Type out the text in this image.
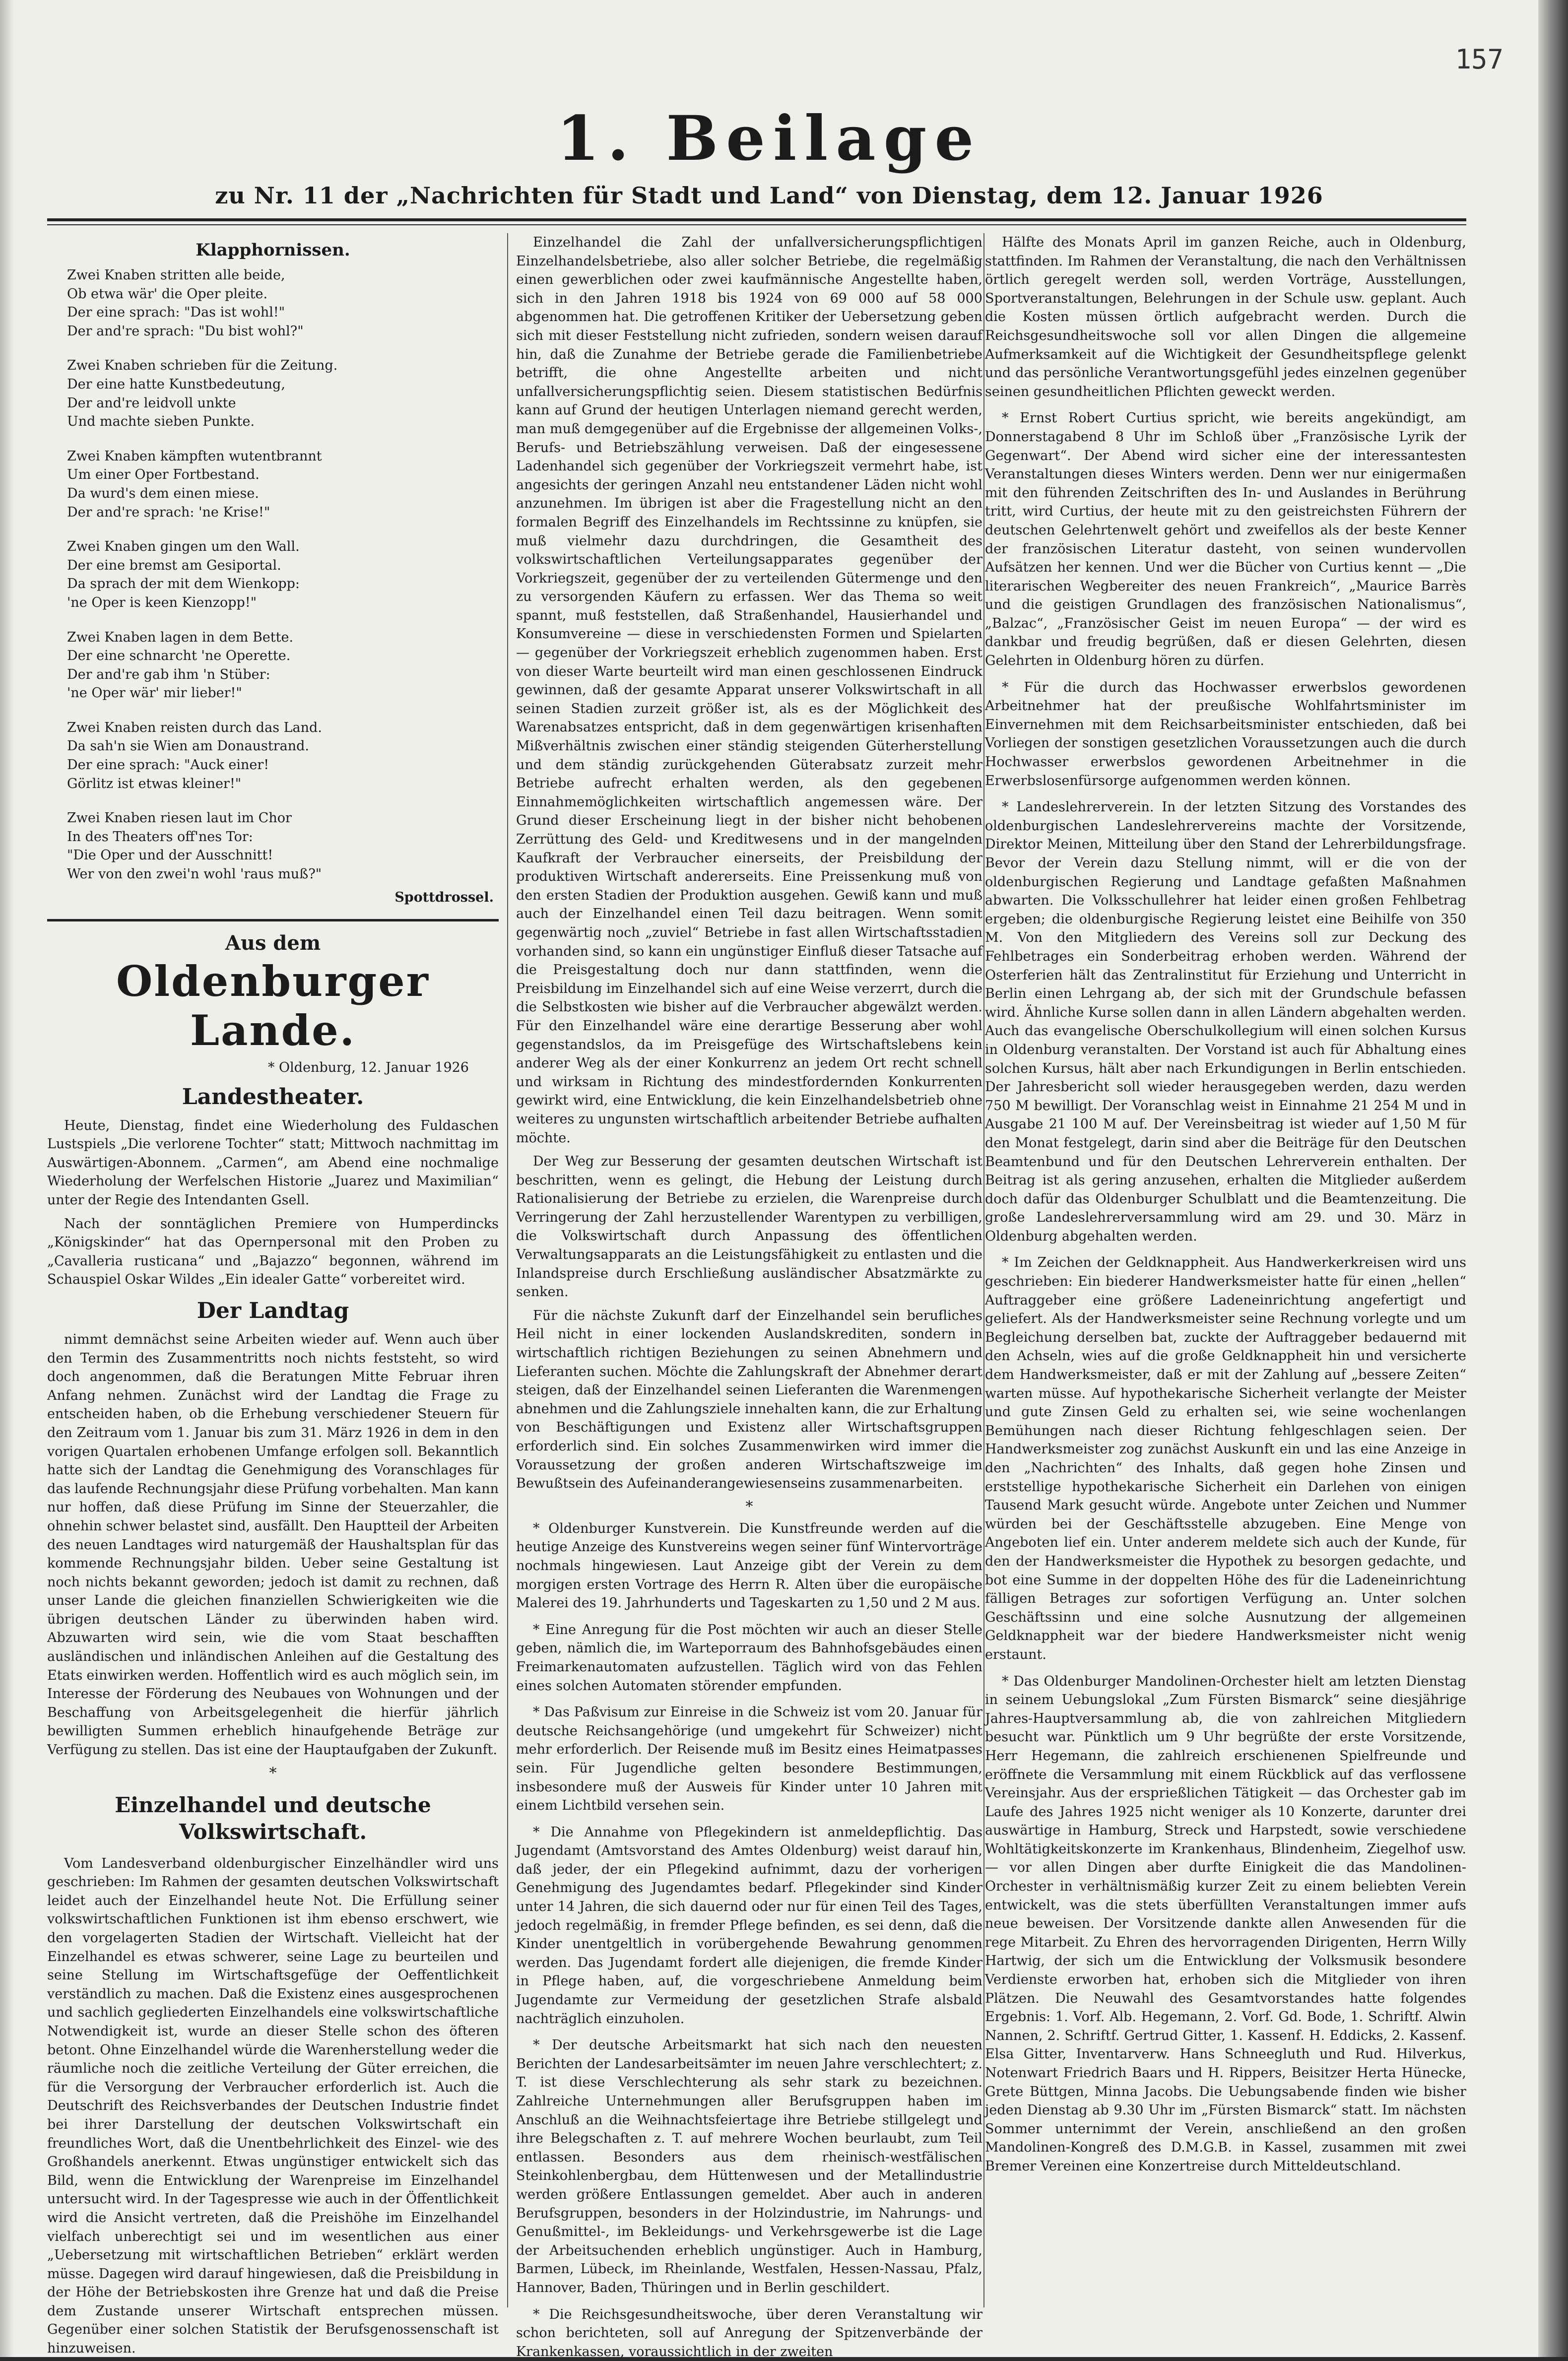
157
1. Beilage
zu Nr. 11 der „Nachrichten für Stadt und Land“ von Dienstag, dem 12. Januar 1926
Klapphornissen.
Zwei Knaben stritten alle beide,
Ob etwa wär' die Oper pleite.
Der eine sprach: "Das ist wohl!"
Der and're sprach: "Du bist wohl?"
Zwei Knaben schrieben für die Zeitung.
Der eine hatte Kunstbedeutung,
Der and're leidvoll unkte
Und machte sieben Punkte.
Zwei Knaben kämpften wutentbrannt
Um einer Oper Fortbestand.
Da wurd's dem einen miese.
Der and're sprach: 'ne Krise!"
Zwei Knaben gingen um den Wall.
Der eine bremst am Gesiportal.
Da sprach der mit dem Wienkopp:
'ne Oper is keen Kienzopp!"
Zwei Knaben lagen in dem Bette.
Der eine schnarcht 'ne Operette.
Der and're gab ihm 'n Stüber:
'ne Oper wär' mir lieber!"
Zwei Knaben reisten durch das Land.
Da sah'n sie Wien am Donaustrand.
Der eine sprach: "Auck einer!
Görlitz ist etwas kleiner!"
Zwei Knaben riesen laut im Chor
In des Theaters off'nes Tor:
"Die Oper und der Ausschnitt!
Wer von den zwei'n wohl 'raus muß?"
Spottdrossel.
Aus dem
Oldenburger Lande.
* Oldenburg, 12. Januar 1926
Landestheater.

Heute, Dienstag, findet eine Wiederholung des Fuldaschen Lustspiels „Die verlorene Tochter“ statt; Mittwoch nachmittag im Auswärtigen-Abonnem. „Carmen“, am Abend eine nochmalige Wiederholung der Werfelschen Historie „Juarez und Maximilian“ unter der Regie des Intendanten Gsell.

Nach der sonntäglichen Premiere von Humperdincks „Königskinder“ hat das Opernpersonal mit den Proben zu „Cavalleria rusticana“ und „Bajazzo“ begonnen, während im Schauspiel Oskar Wildes „Ein idealer Gatte“ vorbereitet wird.

Der Landtag

nimmt demnächst seine Arbeiten wieder auf. Wenn auch über den Termin des Zusammentritts noch nichts feststeht, so wird doch angenommen, daß die Beratungen Mitte Februar ihren Anfang nehmen. Zunächst wird der Landtag die Frage zu entscheiden haben, ob die Erhebung verschiedener Steuern für den Zeitraum vom 1. Januar bis zum 31. März 1926 in dem in den vorigen Quartalen erhobenen Umfange erfolgen soll. Bekanntlich hatte sich der Landtag die Genehmigung des Voranschlages für das laufende Rechnungsjahr diese Prüfung vorbehalten. Man kann nur hoffen, daß diese Prüfung im Sinne der Steuerzahler, die ohnehin schwer belastet sind, ausfällt. Den Hauptteil der Arbeiten des neuen Landtages wird naturgemäß der Haushaltsplan für das kommende Rechnungsjahr bilden. Ueber seine Gestaltung ist noch nichts bekannt geworden; jedoch ist damit zu rechnen, daß unser Lande die gleichen finanziellen Schwierigkeiten wie die übrigen deutschen Länder zu überwinden haben wird. Abzuwarten wird sein, wie die vom Staat beschafften ausländischen und inländischen Anleihen auf die Gestaltung des Etats einwirken werden. Hoffentlich wird es auch möglich sein, im Interesse der Förderung des Neubaues von Wohnungen und der Beschaffung von Arbeitsgelegenheit die hierfür jährlich bewilligten Summen erheblich hinaufgehende Beträge zur Verfügung zu stellen. Das ist eine der Hauptaufgaben der Zukunft.

*
Einzelhandel und deutsche Volkswirtschaft.

Vom Landesverband oldenburgischer Einzelhändler wird uns geschrieben: Im Rahmen der gesamten deutschen Volkswirtschaft leidet auch der Einzelhandel heute Not. Die Erfüllung seiner volkswirtschaftlichen Funktionen ist ihm ebenso erschwert, wie den vorgelagerten Stadien der Wirtschaft. Vielleicht hat der Einzelhandel es etwas schwerer, seine Lage zu beurteilen und seine Stellung im Wirtschaftsgefüge der Oeffentlichkeit verständlich zu machen. Daß die Existenz eines ausgesprochenen und sachlich gegliederten Einzelhandels eine volkswirtschaftliche Notwendigkeit ist, wurde an dieser Stelle schon des öfteren betont. Ohne Einzelhandel würde die Warenherstellung weder die räumliche noch die zeitliche Verteilung der Güter erreichen, die für die Versorgung der Verbraucher erforderlich ist. Auch die Deutschrift des Reichsverbandes der Deutschen Industrie findet bei ihrer Darstellung der deutschen Volkswirtschaft ein freundliches Wort, daß die Unentbehrlichkeit des Einzel- wie des Großhandels anerkennt. Etwas ungünstiger entwickelt sich das Bild, wenn die Entwicklung der Warenpreise im Einzelhandel untersucht wird. In der Tagespresse wie auch in der Öffentlichkeit wird die Ansicht vertreten, daß die Preishöhe im Einzelhandel vielfach unberechtigt sei und im wesentlichen aus einer „Uebersetzung mit wirtschaftlichen Betrieben“ erklärt werden müsse. Dagegen wird darauf hingewiesen, daß die Preisbildung in der Höhe der Betriebskosten ihre Grenze hat und daß die Preise dem Zustande unserer Wirtschaft entsprechen müssen. Gegenüber einer solchen Statistik der Berufsgenossenschaft ist hinzuweisen.

Einzelhandel die Zahl der unfallversicherungspflichtigen Einzelhandelsbetriebe, also aller solcher Betriebe, die regelmäßig einen gewerblichen oder zwei kaufmännische Angestellte haben, sich in den Jahren 1918 bis 1924 von 69 000 auf 58 000 abgenommen hat. Die getroffenen Kritiker der Uebersetzung geben sich mit dieser Feststellung nicht zufrieden, sondern weisen darauf hin, daß die Zunahme der Betriebe gerade die Familienbetriebe betrifft, die ohne Angestellte arbeiten und nicht unfallversicherungspflichtig seien. Diesem statistischen Bedürfnis kann auf Grund der heutigen Unterlagen niemand gerecht werden, man muß demgegenüber auf die Ergebnisse der allgemeinen Volks-, Berufs- und Betriebszählung verweisen. Daß der eingesessene Ladenhandel sich gegenüber der Vorkriegszeit vermehrt habe, ist angesichts der geringen Anzahl neu entstandener Läden nicht wohl anzunehmen. Im übrigen ist aber die Fragestellung nicht an den formalen Begriff des Einzelhandels im Rechtssinne zu knüpfen, sie muß vielmehr dazu durchdringen, die Gesamtheit des volkswirtschaftlichen Verteilungsapparates gegenüber der Vorkriegszeit, gegenüber der zu verteilenden Gütermenge und den zu versorgenden Käufern zu erfassen. Wer das Thema so weit spannt, muß feststellen, daß Straßenhandel, Hausierhandel und Konsumvereine — diese in verschiedensten Formen und Spielarten — gegenüber der Vorkriegszeit erheblich zugenommen haben. Erst von dieser Warte beurteilt wird man einen geschlossenen Eindruck gewinnen, daß der gesamte Apparat unserer Volkswirtschaft in all seinen Stadien zurzeit größer ist, als es der Möglichkeit des Warenabsatzes entspricht, daß in dem gegenwärtigen krisenhaften Mißverhältnis zwischen einer ständig steigenden Güterherstellung und dem ständig zurückgehenden Güterabsatz zurzeit mehr Betriebe aufrecht erhalten werden, als den gegebenen Einnahmemöglichkeiten wirtschaftlich angemessen wäre. Der Grund dieser Erscheinung liegt in der bisher nicht behobenen Zerrüttung des Geld- und Kreditwesens und in der mangelnden Kaufkraft der Verbraucher einerseits, der Preisbildung der produktiven Wirtschaft andererseits. Eine Preissenkung muß von den ersten Stadien der Produktion ausgehen. Gewiß kann und muß auch der Einzelhandel einen Teil dazu beitragen. Wenn somit gegenwärtig noch „zuviel“ Betriebe in fast allen Wirtschaftsstadien vorhanden sind, so kann ein ungünstiger Einfluß dieser Tatsache auf die Preisgestaltung doch nur dann stattfinden, wenn die Preisbildung im Einzelhandel sich auf eine Weise verzerrt, durch die die Selbstkosten wie bisher auf die Verbraucher abgewälzt werden. Für den Einzelhandel wäre eine derartige Besserung aber wohl gegenstandslos, da im Preisgefüge des Wirtschaftslebens kein anderer Weg als der einer Konkurrenz an jedem Ort recht schnell und wirksam in Richtung des mindestfordernden Konkurrenten gewirkt wird, eine Entwicklung, die kein Einzelhandelsbetrieb ohne weiteres zu ungunsten wirtschaftlich arbeitender Betriebe aufhalten möchte.

Der Weg zur Besserung der gesamten deutschen Wirtschaft ist beschritten, wenn es gelingt, die Hebung der Leistung durch Rationalisierung der Betriebe zu erzielen, die Warenpreise durch Verringerung der Zahl herzustellender Warentypen zu verbilligen, die Volkswirtschaft durch Anpassung des öffentlichen Verwaltungsapparats an die Leistungsfähigkeit zu entlasten und die Inlandspreise durch Erschließung ausländischer Absatzmärkte zu senken.

Für die nächste Zukunft darf der Einzelhandel sein berufliches Heil nicht in einer lockenden Auslandskrediten, sondern in wirtschaftlich richtigen Beziehungen zu seinen Abnehmern und Lieferanten suchen. Möchte die Zahlungskraft der Abnehmer derart steigen, daß der Einzelhandel seinen Lieferanten die Warenmengen abnehmen und die Zahlungsziele innehalten kann, die zur Erhaltung von Beschäftigungen und Existenz aller Wirtschaftsgruppen erforderlich sind. Ein solches Zusammenwirken wird immer die Voraussetzung der großen anderen Wirtschaftszweige im Bewußtsein des Aufeinanderangewiesenseins zusammenarbeiten.

*

* Oldenburger Kunstverein. Die Kunstfreunde werden auf die heutige Anzeige des Kunstvereins wegen seiner fünf Wintervorträge nochmals hingewiesen. Laut Anzeige gibt der Verein zu dem morgigen ersten Vortrage des Herrn R. Alten über die europäische Malerei des 19. Jahrhunderts und Tageskarten zu 1,50 und 2 M aus.

* Eine Anregung für die Post möchten wir auch an dieser Stelle geben, nämlich die, im Warteporraum des Bahnhofsgebäudes einen Freimarkenautomaten aufzustellen. Täglich wird von das Fehlen eines solchen Automaten störender empfunden.

* Das Paßvisum zur Einreise in die Schweiz ist vom 20. Januar für deutsche Reichsangehörige (und umgekehrt für Schweizer) nicht mehr erforderlich. Der Reisende muß im Besitz eines Heimatpasses sein. Für Jugendliche gelten besondere Bestimmungen, insbesondere muß der Ausweis für Kinder unter 10 Jahren mit einem Lichtbild versehen sein.

* Die Annahme von Pflegekindern ist anmeldepflichtig. Das Jugendamt (Amtsvorstand des Amtes Oldenburg) weist darauf hin, daß jeder, der ein Pflegekind aufnimmt, dazu der vorherigen Genehmigung des Jugendamtes bedarf. Pflegekinder sind Kinder unter 14 Jahren, die sich dauernd oder nur für einen Teil des Tages, jedoch regelmäßig, in fremder Pflege befinden, es sei denn, daß die Kinder unentgeltlich in vorübergehende Bewahrung genommen werden. Das Jugendamt fordert alle diejenigen, die fremde Kinder in Pflege haben, auf, die vorgeschriebene Anmeldung beim Jugendamte zur Vermeidung der gesetzlichen Strafe alsbald nachträglich einzuholen.

* Der deutsche Arbeitsmarkt hat sich nach den neuesten Berichten der Landesarbeitsämter im neuen Jahre verschlechtert; z. T. ist diese Verschlechterung als sehr stark zu bezeichnen. Zahlreiche Unternehmungen aller Berufsgruppen haben im Anschluß an die Weihnachtsfeiertage ihre Betriebe stillgelegt und ihre Belegschaften z. T. auf mehrere Wochen beurlaubt, zum Teil entlassen. Besonders aus dem rheinisch-westfälischen Steinkohlenbergbau, dem Hüttenwesen und der Metallindustrie werden größere Entlassungen gemeldet. Aber auch in anderen Berufsgruppen, besonders in der Holzindustrie, im Nahrungs- und Genußmittel-, im Bekleidungs- und Verkehrsgewerbe ist die Lage der Arbeitsuchenden erheblich ungünstiger. Auch in Hamburg, Barmen, Lübeck, im Rheinlande, Westfalen, Hessen-Nassau, Pfalz, Hannover, Baden, Thüringen und in Berlin geschildert.

* Die Reichsgesundheitswoche, über deren Veranstaltung wir schon berichteten, soll auf Anregung der Spitzenverbände der Krankenkassen, voraussichtlich in der zweiten

Hälfte des Monats April im ganzen Reiche, auch in Oldenburg, stattfinden. Im Rahmen der Veranstaltung, die nach den Verhältnissen örtlich geregelt werden soll, werden Vorträge, Ausstellungen, Sportveranstaltungen, Belehrungen in der Schule usw. geplant. Auch die Kosten müssen örtlich aufgebracht werden. Durch die Reichsgesundheitswoche soll vor allen Dingen die allgemeine Aufmerksamkeit auf die Wichtigkeit der Gesundheitspflege gelenkt und das persönliche Verantwortungsgefühl jedes einzelnen gegenüber seinen gesundheitlichen Pflichten geweckt werden.

* Ernst Robert Curtius spricht, wie bereits angekündigt, am Donnerstagabend 8 Uhr im Schloß über „Französische Lyrik der Gegenwart“. Der Abend wird sicher eine der interessantesten Veranstaltungen dieses Winters werden. Denn wer nur einigermaßen mit den führenden Zeitschriften des In- und Auslandes in Berührung tritt, wird Curtius, der heute mit zu den geistreichsten Führern der deutschen Gelehrtenwelt gehört und zweifellos als der beste Kenner der französischen Literatur dasteht, von seinen wundervollen Aufsätzen her kennen. Und wer die Bücher von Curtius kennt — „Die literarischen Wegbereiter des neuen Frankreich“, „Maurice Barrès und die geistigen Grundlagen des französischen Nationalismus“, „Balzac“, „Französischer Geist im neuen Europa“ — der wird es dankbar und freudig begrüßen, daß er diesen Gelehrten, diesen Gelehrten in Oldenburg hören zu dürfen.

* Für die durch das Hochwasser erwerbslos gewordenen Arbeitnehmer hat der preußische Wohlfahrtsminister im Einvernehmen mit dem Reichsarbeitsminister entschieden, daß bei Vorliegen der sonstigen gesetzlichen Voraussetzungen auch die durch Hochwasser erwerbslos gewordenen Arbeitnehmer in die Erwerbslosenfürsorge aufgenommen werden können.

* Landeslehrerverein. In der letzten Sitzung des Vorstandes des oldenburgischen Landeslehrervereins machte der Vorsitzende, Direktor Meinen, Mitteilung über den Stand der Lehrerbildungsfrage. Bevor der Verein dazu Stellung nimmt, will er die von der oldenburgischen Regierung und Landtage gefaßten Maßnahmen abwarten. Die Volksschullehrer hat leider einen großen Fehlbetrag ergeben; die oldenburgische Regierung leistet eine Beihilfe von 350 M. Von den Mitgliedern des Vereins soll zur Deckung des Fehlbetrages ein Sonderbeitrag erhoben werden. Während der Osterferien hält das Zentralinstitut für Erziehung und Unterricht in Berlin einen Lehrgang ab, der sich mit der Grundschule befassen wird. Ähnliche Kurse sollen dann in allen Ländern abgehalten werden. Auch das evangelische Oberschulkollegium will einen solchen Kursus in Oldenburg veranstalten. Der Vorstand ist auch für Abhaltung eines solchen Kursus, hält aber nach Erkundigungen in Berlin entschieden. Der Jahresbericht soll wieder herausgegeben werden, dazu werden 750 M bewilligt. Der Voranschlag weist in Einnahme 21 254 M und in Ausgabe 21 100 M auf. Der Vereinsbeitrag ist wieder auf 1,50 M für den Monat festgelegt, darin sind aber die Beiträge für den Deutschen Beamtenbund und für den Deutschen Lehrerverein enthalten. Der Beitrag ist als gering anzusehen, erhalten die Mitglieder außerdem doch dafür das Oldenburger Schulblatt und die Beamtenzeitung. Die große Landeslehrerversammlung wird am 29. und 30. März in Oldenburg abgehalten werden.

* Im Zeichen der Geldknappheit. Aus Handwerkerkreisen wird uns geschrieben: Ein biederer Handwerksmeister hatte für einen „hellen“ Auftraggeber eine größere Ladeneinrichtung angefertigt und geliefert. Als der Handwerksmeister seine Rechnung vorlegte und um Begleichung derselben bat, zuckte der Auftraggeber bedauernd mit den Achseln, wies auf die große Geldknappheit hin und versicherte dem Handwerksmeister, daß er mit der Zahlung auf „bessere Zeiten“ warten müsse. Auf hypothekarische Sicherheit verlangte der Meister und gute Zinsen Geld zu erhalten sei, wie seine wochenlangen Bemühungen nach dieser Richtung fehlgeschlagen seien. Der Handwerksmeister zog zunächst Auskunft ein und las eine Anzeige in den „Nachrichten“ des Inhalts, daß gegen hohe Zinsen und erststellige hypothekarische Sicherheit ein Darlehen von einigen Tausend Mark gesucht würde. Angebote unter Zeichen und Nummer würden bei der Geschäftsstelle abzugeben. Eine Menge von Angeboten lief ein. Unter anderem meldete sich auch der Kunde, für den der Handwerksmeister die Hypothek zu besorgen gedachte, und bot eine Summe in der doppelten Höhe des für die Ladeneinrichtung fälligen Betrages zur sofortigen Verfügung an. Unter solchen Geschäftssinn und eine solche Ausnutzung der allgemeinen Geldknappheit war der biedere Handwerksmeister nicht wenig erstaunt.

* Das Oldenburger Mandolinen-Orchester hielt am letzten Dienstag in seinem Uebungslokal „Zum Fürsten Bismarck“ seine diesjährige Jahres-Hauptversammlung ab, die von zahlreichen Mitgliedern besucht war. Pünktlich um 9 Uhr begrüßte der erste Vorsitzende, Herr Hegemann, die zahlreich erschienenen Spielfreunde und eröffnete die Versammlung mit einem Rückblick auf das verflossene Vereinsjahr. Aus der ersprießlichen Tätigkeit — das Orchester gab im Laufe des Jahres 1925 nicht weniger als 10 Konzerte, darunter drei auswärtige in Hamburg, Streck und Harpstedt, sowie verschiedene Wohltätigkeitskonzerte im Krankenhaus, Blindenheim, Ziegelhof usw. — vor allen Dingen aber durfte Einigkeit die das Mandolinen-Orchester in verhältnismäßig kurzer Zeit zu einem beliebten Verein entwickelt, was die stets überfüllten Veranstaltungen immer aufs neue beweisen. Der Vorsitzende dankte allen Anwesenden für die rege Mitarbeit. Zu Ehren des hervorragenden Dirigenten, Herrn Willy Hartwig, der sich um die Entwicklung der Volksmusik besondere Verdienste erworben hat, erhoben sich die Mitglieder von ihren Plätzen. Die Neuwahl des Gesamtvorstandes hatte folgendes Ergebnis: 1. Vorf. Alb. Hegemann, 2. Vorf. Gd. Bode, 1. Schriftf. Alwin Nannen, 2. Schriftf. Gertrud Gitter, 1. Kassenf. H. Eddicks, 2. Kassenf. Elsa Gitter, Inventarverw. Hans Schneegluth und Rud. Hilverkus, Notenwart Friedrich Baars und H. Rippers, Beisitzer Herta Hünecke, Grete Büttgen, Minna Jacobs. Die Uebungsabende finden wie bisher jeden Dienstag ab 9.30 Uhr im „Fürsten Bismarck“ statt. Im nächsten Sommer unternimmt der Verein, anschließend an den großen Mandolinen-Kongreß des D.M.G.B. in Kassel, zusammen mit zwei Bremer Vereinen eine Konzertreise durch Mitteldeutschland.
